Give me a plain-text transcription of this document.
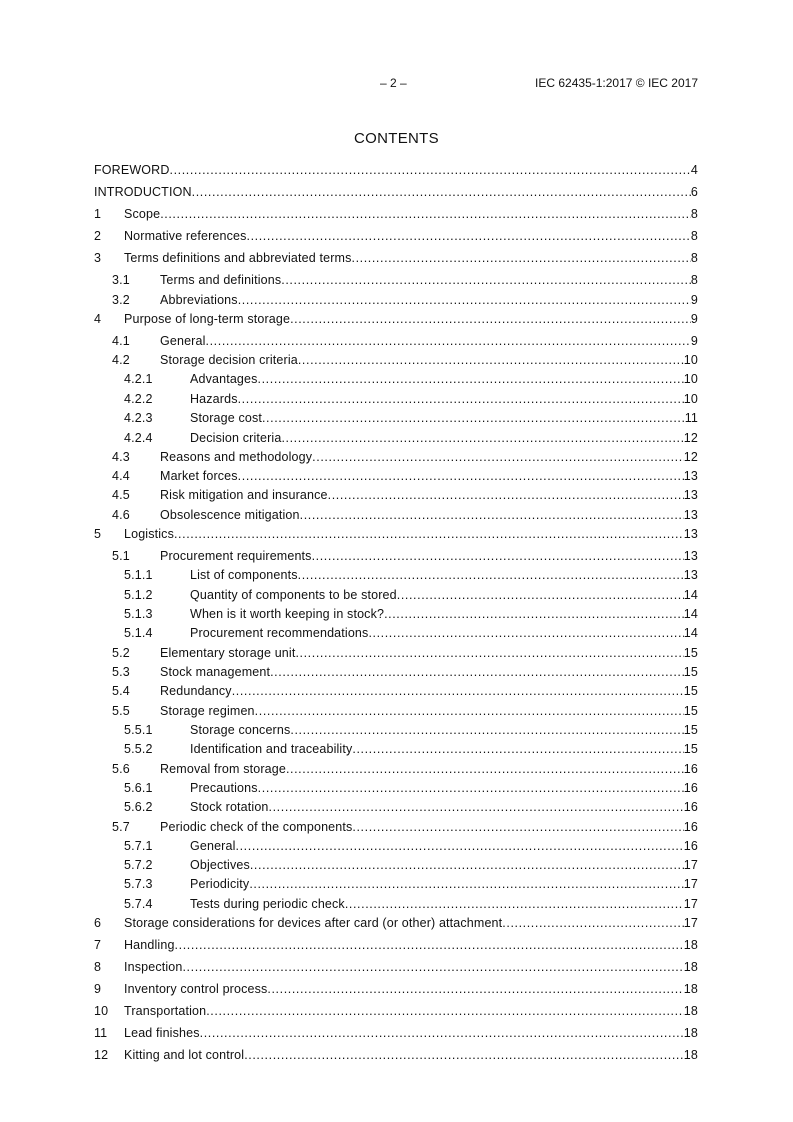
– 2 –	IEC 62435-1:2017 © IEC 2017
CONTENTS
FOREWORD .....	4
INTRODUCTION .....	6
1 Scope .....	8
2 Normative references .....	8
3 Terms definitions and abbreviated terms .....	8
3.1 Terms and definitions .....	8
3.2 Abbreviations .....	9
4 Purpose of long-term storage .....	9
4.1 General .....	9
4.2 Storage decision criteria .....	10
4.2.1	Advantages .....	10
4.2.2	Hazards .....	10
4.2.3	Storage cost .....	11
4.2.4	Decision criteria .....	12
4.3 Reasons and methodology .....	12
4.4 Market forces .....	13
4.5 Risk mitigation and insurance .....	13
4.6 Obsolescence mitigation .....	13
5 Logistics .....	13
5.1 Procurement requirements .....	13
5.1.1	List of components .....	13
5.1.2	Quantity of components to be stored .....	14
5.1.3	When is it worth keeping in stock? .....	14
5.1.4	Procurement recommendations .....	14
5.2 Elementary storage unit .....	15
5.3 Stock management .....	15
5.4 Redundancy .....	15
5.5 Storage regimen .....	15
5.5.1	Storage concerns .....	15
5.5.2	Identification and traceability .....	15
5.6 Removal from storage .....	16
5.6.1	Precautions .....	16
5.6.2	Stock rotation .....	16
5.7 Periodic check of the components .....	16
5.7.1	General .....	16
5.7.2	Objectives .....	17
5.7.3	Periodicity .....	17
5.7.4	Tests during periodic check .....	17
6 Storage considerations for devices after card (or other) attachment .....	17
7 Handling .....	18
8 Inspection .....	18
9 Inventory control process .....	18
10 Transportation .....	18
11 Lead finishes .....	18
12 Kitting and lot control .....	18
